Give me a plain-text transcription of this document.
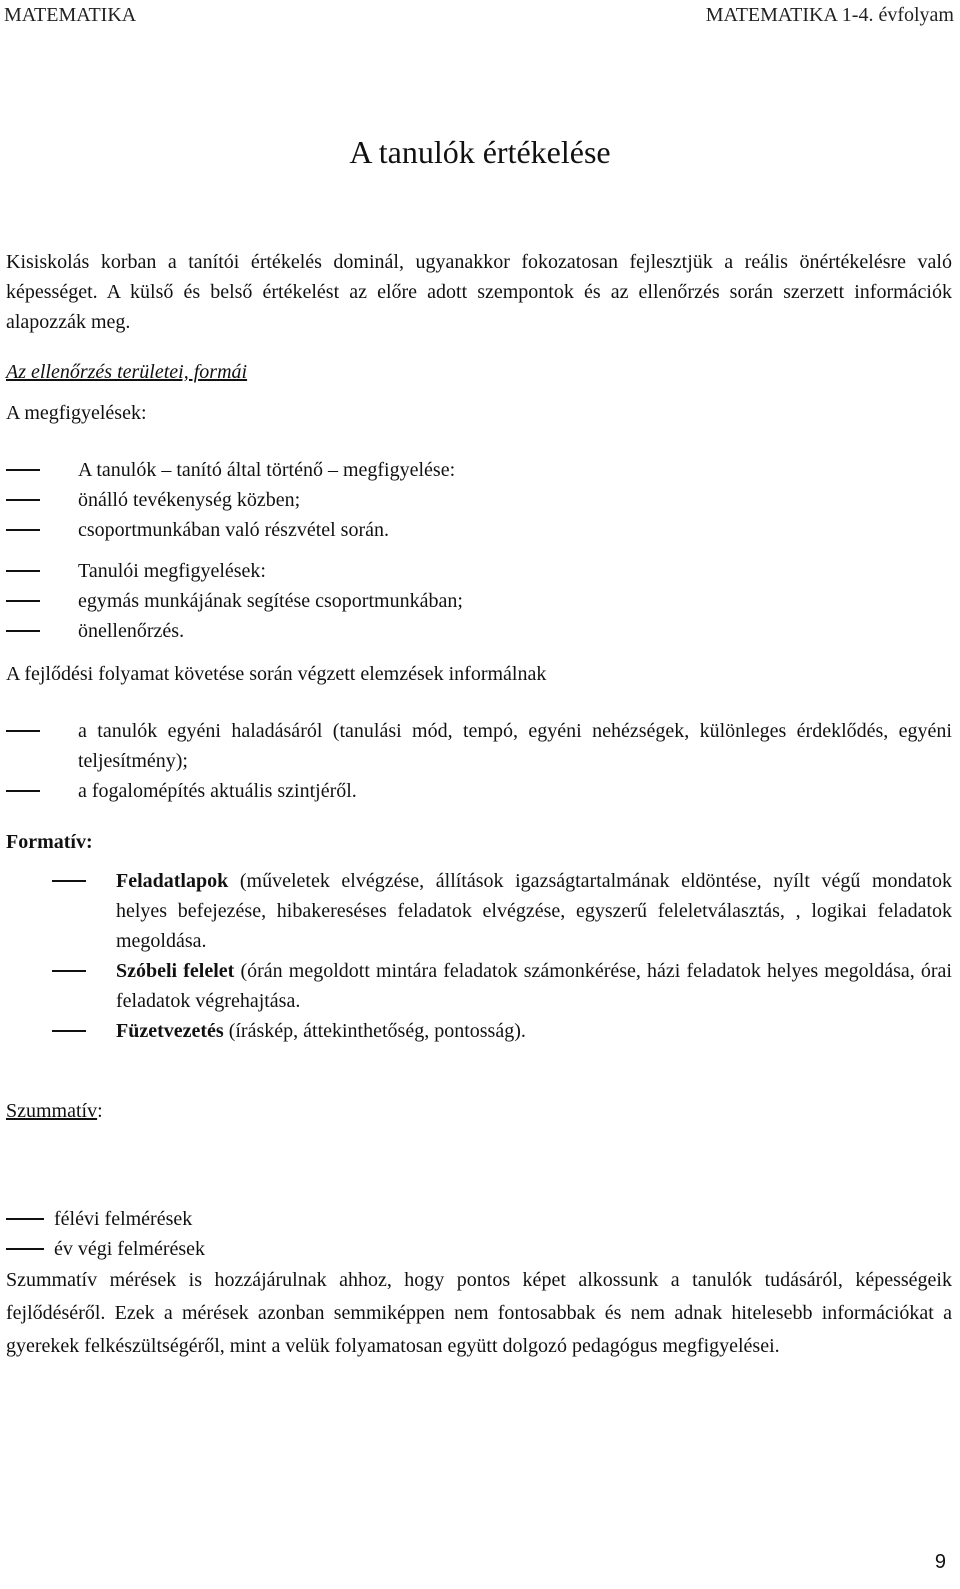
MATEMATIKA	MATEMATIKA 1-4. évfolyam
A tanulók értékelése

Kisiskolás korban a tanítói értékelés dominál, ugyanakkor fokozatosan fejlesztjük a reális önértékelésre való képességet. A külső és belső értékelést az előre adott szempontok és az ellenőrzés során szerzett információk alapozzák meg.

Az ellenőrzés területei, formái

A megfigyelések:

A tanulók – tanító által történő – megfigyelése:
önálló tevékenység közben;
csoportmunkában való részvétel során.
Tanulói megfigyelések:
egymás munkájának segítése csoportmunkában;
önellenőrzés.

A fejlődési folyamat követése során végzett elemzések informálnak

a tanulók egyéni haladásáról (tanulási mód, tempó, egyéni nehézségek, különleges érdeklődés, egyéni teljesítmény);
a fogalomépítés aktuális szintjéről.

Formatív:

Feladatlapok (műveletek elvégzése, állítások igazságtartalmának eldöntése, nyílt végű mondatok helyes befejezése, hibakereséses feladatok elvégzése, egyszerű feleletválasztás, , logikai feladatok megoldása.
Szóbeli felelet (órán megoldott mintára feladatok számonkérése, házi feladatok helyes megoldása, órai feladatok végrehajtása.
Füzetvezetés (íráskép, áttekinthetőség, pontosság).

Szummatív:

félévi felmérések
év végi felmérések

Szummatív mérések is hozzájárulnak ahhoz, hogy pontos képet alkossunk a tanulók tudásáról, képességeik fejlődéséről. Ezek a mérések azonban semmiképpen nem fontosabbak és nem adnak hitelesebb információkat a gyerekek felkészültségéről, mint a velük folyamatosan együtt dolgozó pedagógus megfigyelései.

9
